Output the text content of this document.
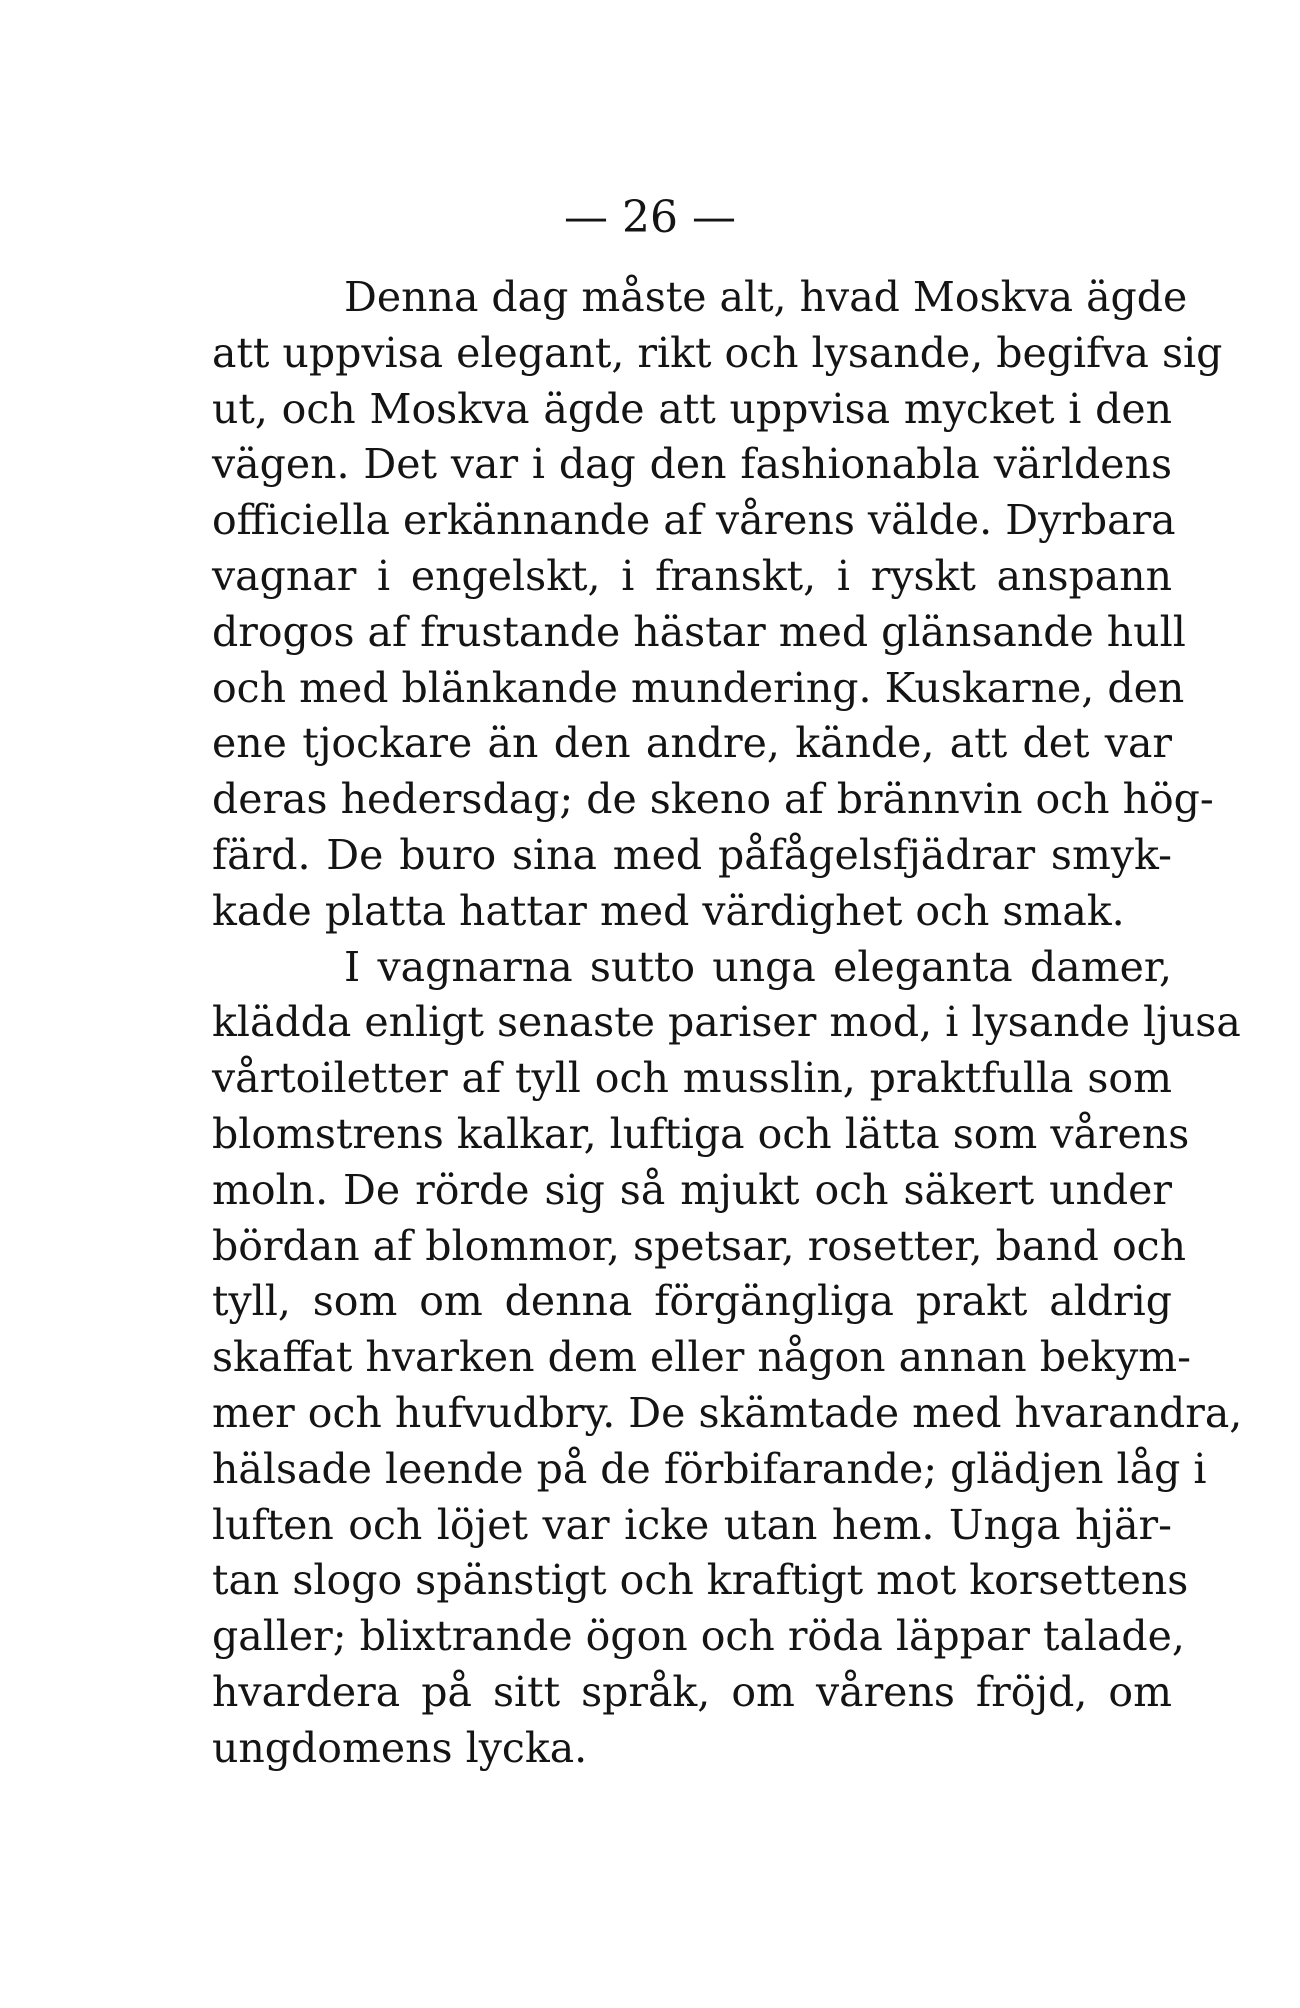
— 26 —
Denna dag måste alt, hvad Moskva ägde
att uppvisa elegant, rikt och lysande, begifva sig
ut, och Moskva ägde att uppvisa mycket i den
vägen. Det var i dag den fashionabla världens
officiella erkännande af vårens välde. Dyrbara
vagnar i engelskt, i franskt, i ryskt anspann
drogos af frustande hästar med glänsande hull
och med blänkande mundering. Kuskarne, den
ene tjockare än den andre, kände, att det var
deras hedersdag; de skeno af brännvin och hög-
färd. De buro sina med påfågelsfjädrar smyk-
kade platta hattar med värdighet och smak.
I vagnarna sutto unga eleganta damer,
klädda enligt senaste pariser mod, i lysande ljusa
vårtoiletter af tyll och musslin, praktfulla som
blomstrens kalkar, luftiga och lätta som vårens
moln. De rörde sig så mjukt och säkert under
bördan af blommor, spetsar, rosetter, band och
tyll, som om denna förgängliga prakt aldrig
skaffat hvarken dem eller någon annan bekym-
mer och hufvudbry. De skämtade med hvarandra,
hälsade leende på de förbifarande; glädjen låg i
luften och löjet var icke utan hem. Unga hjär-
tan slogo spänstigt och kraftigt mot korsettens
galler; blixtrande ögon och röda läppar talade,
hvardera på sitt språk, om vårens fröjd, om
ungdomens lycka.
